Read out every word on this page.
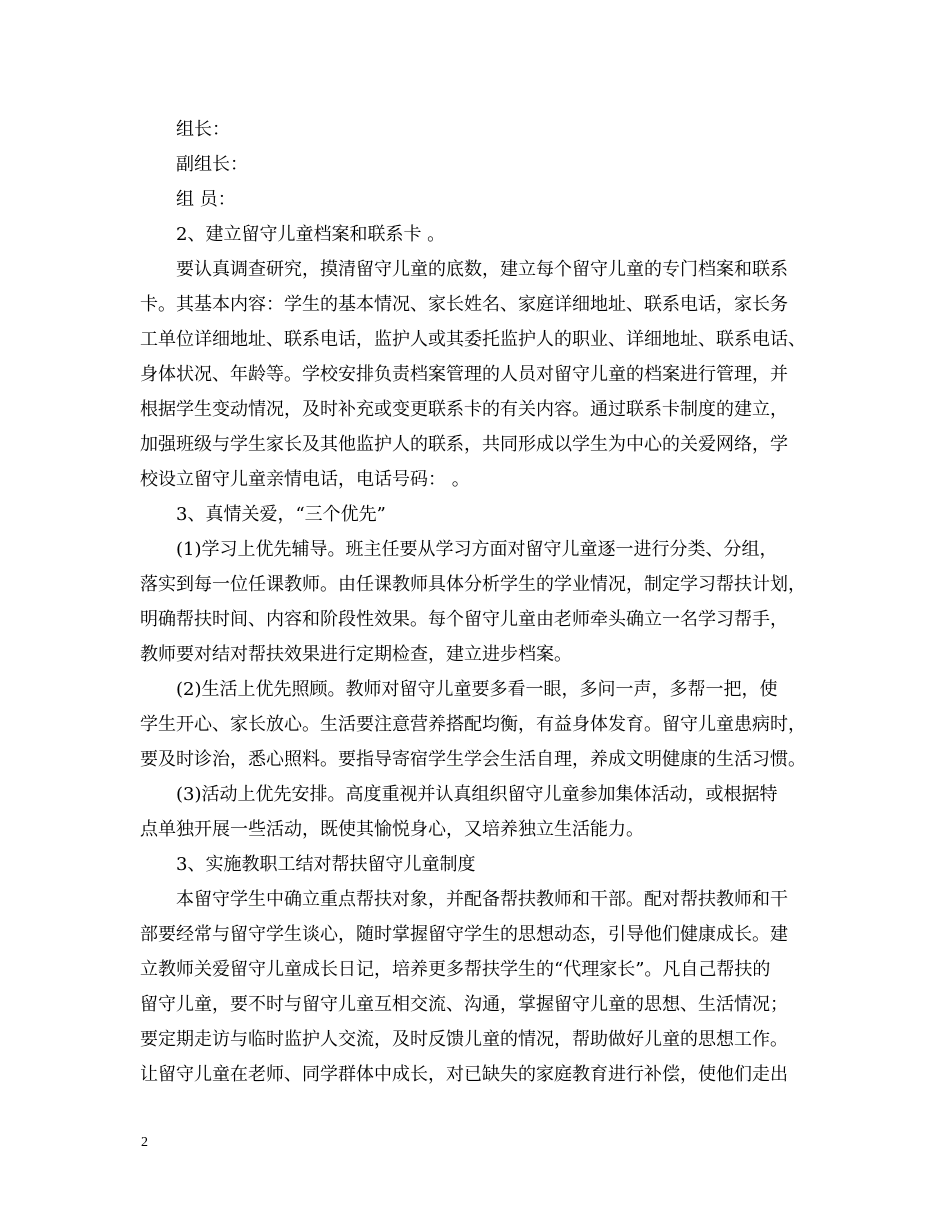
组长：
副组长：
组 员：
2、建立留守儿童档案和联系卡 。
要认真调查研究，摸清留守儿童的底数，建立每个留守儿童的专门档案和联系
卡。其基本内容：学生的基本情况、家长姓名、家庭详细地址、联系电话，家长务
工单位详细地址、联系电话，监护人或其委托监护人的职业、详细地址、联系电话、
身体状况、年龄等。学校安排负责档案管理的人员对留守儿童的档案进行管理，并
根据学生变动情况，及时补充或变更联系卡的有关内容。通过联系卡制度的建立，
加强班级与学生家长及其他监护人的联系，共同形成以学生为中心的关爱网络，学
校设立留守儿童亲情电话，电话号码： 。
3、真情关爱，“三个优先”
(1)学习上优先辅导。班主任要从学习方面对留守儿童逐一进行分类、分组，
落实到每一位任课教师。由任课教师具体分析学生的学业情况，制定学习帮扶计划，
明确帮扶时间、内容和阶段性效果。每个留守儿童由老师牵头确立一名学习帮手，
教师要对结对帮扶效果进行定期检查，建立进步档案。
(2)生活上优先照顾。教师对留守儿童要多看一眼，多问一声，多帮一把，使
学生开心、家长放心。生活要注意营养搭配均衡，有益身体发育。留守儿童患病时，
要及时诊治，悉心照料。要指导寄宿学生学会生活自理，养成文明健康的生活习惯。
(3)活动上优先安排。高度重视并认真组织留守儿童参加集体活动，或根据特
点单独开展一些活动，既使其愉悦身心，又培养独立生活能力。
3、实施教职工结对帮扶留守儿童制度
本留守学生中确立重点帮扶对象，并配备帮扶教师和干部。配对帮扶教师和干
部要经常与留守学生谈心，随时掌握留守学生的思想动态，引导他们健康成长。建
立教师关爱留守儿童成长日记，培养更多帮扶学生的“代理家长”。凡自己帮扶的
留守儿童，要不时与留守儿童互相交流、沟通，掌握留守儿童的思想、生活情况；
要定期走访与临时监护人交流，及时反馈儿童的情况，帮助做好儿童的思想工作。
让留守儿童在老师、同学群体中成长，对已缺失的家庭教育进行补偿，使他们走出
2
